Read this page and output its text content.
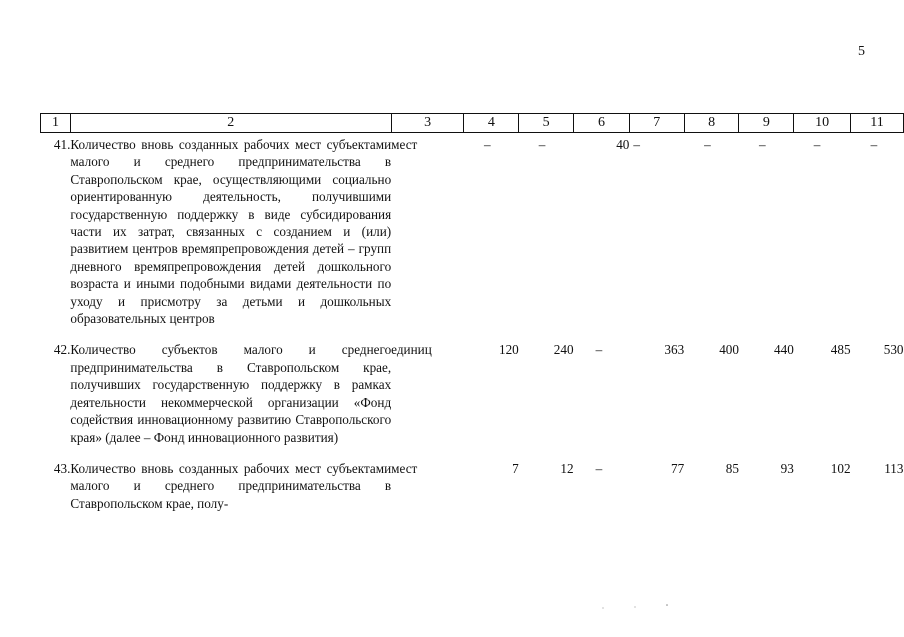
5
1	2	3	4	5	6	7	8	9	10	11
41.	Количество вновь созданных рабочих мест субъектами малого и среднего предпринимательства в Ставропольском крае, осуществляющими социально ориентированную деятельность, получившими государственную поддержку в виде субсидирования части их затрат, связанных с созданием и (или) развитием центров времяпрепровождения детей – групп дневного времяпрепровождения детей дошкольного возраста и иными подобными видами деятельности по уходу и присмотру за детьми и дошкольных образовательных центров	мест	–	–	40	–	–	–	–	–
42.	Количество субъектов малого и среднего предпринимательства в Ставропольском крае, получивших государственную поддержку в рамках деятельности некоммерческой организации «Фонд содействия инновационному развитию Ставропольского края» (далее – Фонд инновационного развития)	единиц	120	240	–	363	400	440	485	530
43.	Количество вновь созданных рабочих мест субъектами малого и среднего предпринимательства в Ставропольском крае, полу-	мест	7	12	–	77	85	93	102	113
